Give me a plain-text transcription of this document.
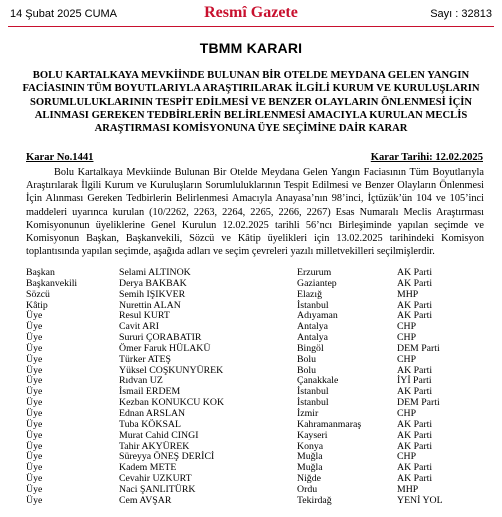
14 Şubat 2025 CUMA	Resmî Gazete	Sayı : 32813
TBMM KARARI
BOLU KARTALKAYA MEVKİİNDE BULUNAN BİR OTELDE MEYDANA GELEN YANGIN FACİASININ TÜM BOYUTLARIYLA ARAŞTIRILARAK İLGİLİ KURUM VE KURULUŞLARIN SORUMLULUKLARININ TESPİT EDİLMESİ VE BENZER OLAYLARIN ÖNLENMESİ İÇİN ALINMASI GEREKEN TEDBİRLERİN BELİRLENMESİ AMACIYLA KURULAN MECLİS ARAŞTIRMASI KOMİSYONUNA ÜYE SEÇİMİNE DAİR KARAR
Karar No.1441	Karar Tarihi: 12.02.2025
Bolu Kartalkaya Mevkiinde Bulunan Bir Otelde Meydana Gelen Yangın Faciasının Tüm Boyutlarıyla Araştırılarak İlgili Kurum ve Kuruluşların Sorumluluklarının Tespit Edilmesi ve Benzer Olayların Önlenmesi İçin Alınması Gereken Tedbirlerin Belirlenmesi Amacıyla Anayasa’nın 98’inci, İçtüzük’ün 104 ve 105’inci maddeleri uyarınca kurulan (10/2262, 2263, 2264, 2265, 2266, 2267) Esas Numaralı Meclis Araştırması Komisyonunun üyeliklerine Genel Kurulun 12.02.2025 tarihli 56’ncı Birleşiminde yapılan seçimde ve Komisyonun Başkan, Başkanvekili, Sözcü ve Kâtip üyelikleri için 13.02.2025 tarihindeki Komisyon toplantısında yapılan seçimde, aşağıda adları ve seçim çevreleri yazılı milletvekilleri seçilmişlerdir.
Başkan	Selami ALTINOK	Erzurum	AK Parti
Başkanvekili	Derya BAKBAK	Gaziantep	AK Parti
Sözcü	Semih IŞIKVER	Elazığ	MHP
Kâtip	Nurettin ALAN	İstanbul	AK Parti
Üye	Resul KURT	Adıyaman	AK Parti
Üye	Cavit ARI	Antalya	CHP
Üye	Sururi ÇORABATIR	Antalya	CHP
Üye	Ömer Faruk HÜLAKÜ	Bingöl	DEM Parti
Üye	Türker ATEŞ	Bolu	CHP
Üye	Yüksel COŞKUNYÜREK	Bolu	AK Parti
Üye	Rıdvan UZ	Çanakkale	İYİ Parti
Üye	İsmail ERDEM	İstanbul	AK Parti
Üye	Kezban KONUKCU KOK	İstanbul	DEM Parti
Üye	Ednan ARSLAN	İzmir	CHP
Üye	Tuba KÖKSAL	Kahramanmaraş	AK Parti
Üye	Murat Cahid CINGI	Kayseri	AK Parti
Üye	Tahir AKYÜREK	Konya	AK Parti
Üye	Süreyya ÖNEŞ DERİCİ	Muğla	CHP
Üye	Kadem METE	Muğla	AK Parti
Üye	Cevahir UZKURT	Niğde	AK Parti
Üye	Naci ŞANLITÜRK	Ordu	MHP
Üye	Cem AVŞAR	Tekirdağ	YENİ YOL
